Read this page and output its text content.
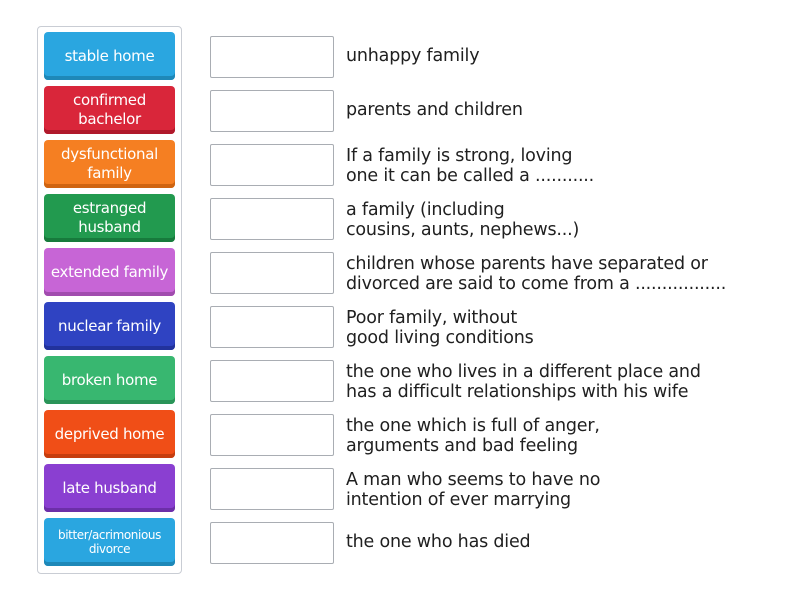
stable home
confirmed bachelor
dysfunctional family
estranged husband
extended family
nuclear family
broken home
deprived home
late husband
bitter/acrimonious divorce
unhappy family
parents and children
If a family is strong, loving
one it can be called a ...........
a family (including
cousins, aunts, nephews...)
children whose parents have separated or
divorced are said to come from a .................
Poor family, without
good living conditions
the one who lives in a different place and
has a difficult relationships with his wife
the one which is full of anger,
arguments and bad feeling
A man who seems to have no
intention of ever marrying
the one who has died
